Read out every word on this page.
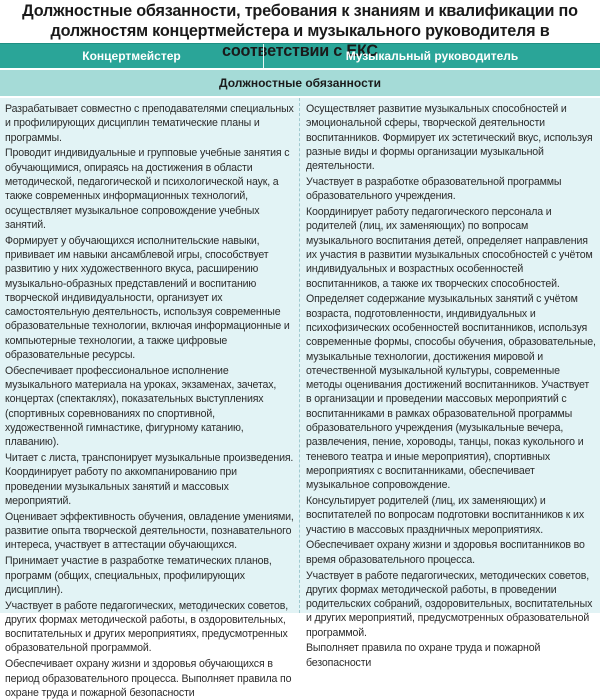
Должностные обязанности, требования к знаниям и квалификации по должностям концертмейстера и музыкального руководителя в соответствии с ЕКС
Концертмейстер	Музыкальный руководитель
Должностные обязанности

Разрабатывает совместно с преподавателями специальных и профилирующих дисциплин тематические планы и программы.

Проводит индивидуальные и групповые учебные занятия с обучающимися, опираясь на достижения в области методической, педагогической и психологической наук, а также современных информационных технологий, осуществляет музыкальное сопровождение учебных занятий.

Формирует у обучающихся исполнительские навыки, прививает им навыки ансамблевой игры, способствует развитию у них художественного вкуса, расширению музыкально-образных представлений и воспитанию творческой индивидуальности, организует их самостоятельную деятельность, используя современные образовательные технологии, включая информационные и компьютерные технологии, а также цифровые образовательные ресурсы.

Обеспечивает профессиональное исполнение музыкального материала на уроках, экзаменах, зачетах, концертах (спектаклях), показательных выступлениях (спортивных соревнованиях по спортивной, художественной гимнастике, фигурному катанию, плаванию).

Читает с листа, транспонирует музыкальные произведения. Координирует работу по аккомпанированию при проведении музыкальных занятий и массовых мероприятий.

Оценивает эффективность обучения, овладение умениями, развитие опыта творческой деятельности, познавательного интереса, участвует в аттестации обучающихся.

Принимает участие в разработке тематических планов, программ (общих, специальных, профилирующих дисциплин).

Участвует в работе педагогических, методических советов, других формах методической работы, в оздоровительных, воспитательных и других мероприятиях, предусмотренных образовательной программой.

Обеспечивает охрану жизни и здоровья обучающихся в период образовательного процесса. Выполняет правила по охране труда и пожарной безопасности

Осуществляет развитие музыкальных способностей и эмоциональной сферы, творческой деятельности воспитанников. Формирует их эстетический вкус, используя разные виды и формы организации музыкальной деятельности.

Участвует в разработке образовательной программы образовательного учреждения.

Координирует работу педагогического персонала и родителей (лиц, их заменяющих) по вопросам музыкального воспитания детей, определяет направления их участия в развитии музыкальных способностей с учётом индивидуальных и возрастных особенностей воспитанников, а также их творческих способностей.

Определяет содержание музыкальных занятий с учётом возраста, подготовленности, индивидуальных и психофизических особенностей воспитанников, используя современные формы, способы обучения, образовательные, музыкальные технологии, достижения мировой и отечественной музыкальной культуры, современные методы оценивания достижений воспитанников. Участвует в организации и проведении массовых мероприятий с воспитанниками в рамках образовательной программы образовательного учреждения (музыкальные вечера, развлечения, пение, хороводы, танцы, показ кукольного и теневого театра и иные мероприятия), спортивных мероприятиях с воспитанниками, обеспечивает музыкальное сопровождение.

Консультирует родителей (лиц, их заменяющих) и воспитателей по вопросам подготовки воспитанников к их участию в массовых праздничных мероприятиях.

Обеспечивает охрану жизни и здоровья воспитанников во время образовательного процесса.

Участвует в работе педагогических, методических советов, других формах методической работы, в проведении родительских собраний, оздоровительных, воспитательных и других мероприятий, предусмотренных образовательной программой.

Выполняет правила по охране труда и пожарной безопасности
